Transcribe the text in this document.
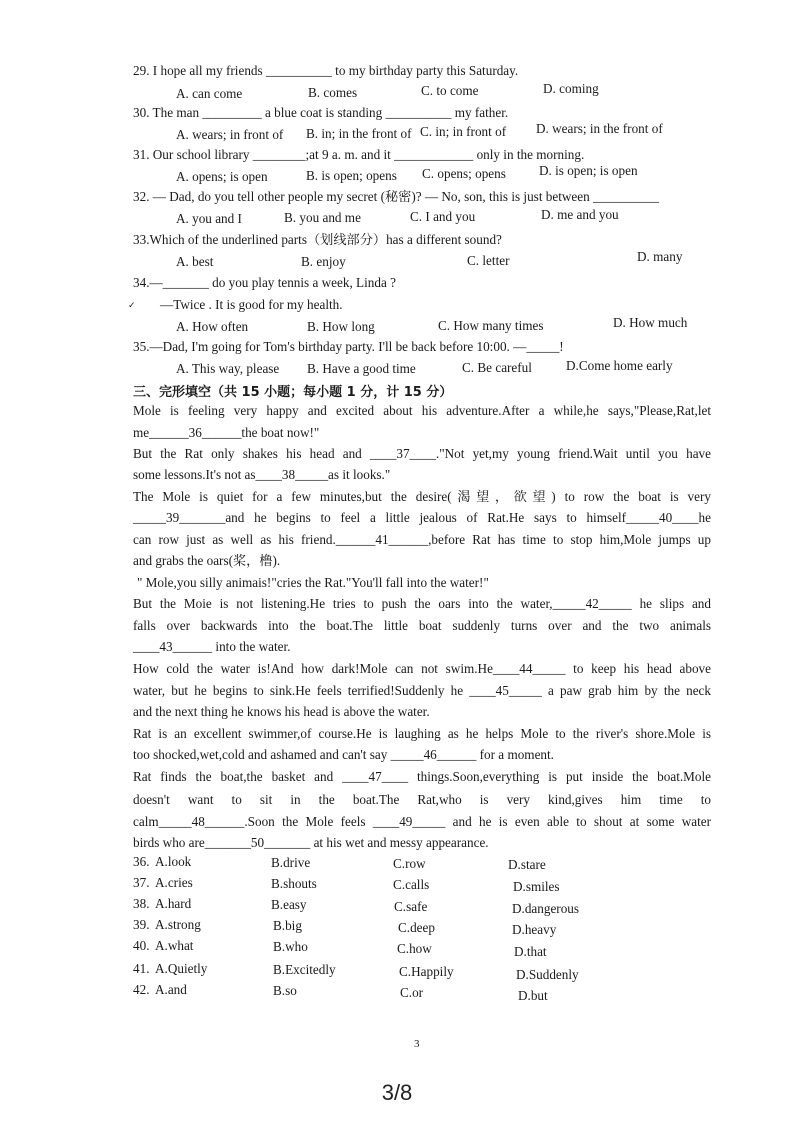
29. I hope all my friends __________ to my birthday party this Saturday.
A. can come	B. comes	C. to come	D. coming
30. The man _________ a blue coat is standing __________ my father.
A. wears; in front of B. in; in the front of C. in; in front of D. wears; in the front of
31. Our school library ________;at 9 a. m. and it ____________ only in the morning.
A. opens; is open	B. is open; opens C. opens; opens	D. is open; is open
32. — Dad, do you tell other people my secret (秘密)? — No, son, this is just between __________
A. you and I	B. you and me	C. I and you	D. me and you
33.Which of the underlined parts（划线部分）has a different sound?
A. best	B. enjoy	C. letter	D. many
34.—_______ do you play tennis a week, Linda ?
✓ —Twice . It is good for my health.
A. How often	B. How long	C. How many times	D. How much
35.—Dad, I'm going for Tom's birthday party. I'll be back before 10:00. —_____!
A. This way, please B. Have a good time	C. Be careful	D.Come home early
三、完形填空（共 15 小题；每小题 1 分，计 15 分）
Mole is feeling very happy and excited about his adventure.After a while,he says,"Please,Rat,let
me______36______the boat now!"
But the Rat only shakes his head and ____37____."Not yet,my young friend.Wait until you have
some lessons.It's not as____38_____as it looks."
The Mole is quiet for a few minutes,but the desire(渴望，欲望) to row the boat is very
_____39_______and he begins to feel a little jealous of Rat.He says to himself_____40____he
can row just as well as his friend.______41______,before Rat has time to stop him,Mole jumps up
and grabs the oars(桨，橹).
" Mole,you silly animais!"cries the Rat."You'll fall into the water!"
But the Moie is not listening.He tries to push the oars into the water,_____42_____ he slips and
falls over backwards into the boat.The little boat suddenly turns over and the two animals
____43______ into the water.
How cold the water is!And how dark!Mole can not swim.He____44_____ to keep his head above
water, but he begins to sink.He feels terrified!Suddenly he ____45_____ a paw grab him by the neck
and the next thing he knows his head is above the water.
Rat is an excellent swimmer,of course.He is laughing as he helps Mole to the river's shore.Mole is
too shocked,wet,cold and ashamed and can't say _____46______ for a moment.
Rat finds the boat,the basket and ____47____ things.Soon,everything is put inside the boat.Mole
doesn't want to sit in the boat.The Rat,who is very kind,gives him time to
calm_____48______.Soon the Mole feels ____49_____ and he is even able to shout at some water
birds who are_______50_______ at his wet and messy appearance.
36. A.look	B.drive	C.row	D.stare
37. A.cries	B.shouts	C.calls	D.smiles
38. A.hard	B.easy	C.safe	D.dangerous
39. A.strong	B.big	C.deep	D.heavy
40. A.what	B.who	C.how	D.that
41. A.Quietly	B.Excitedly	C.Happily	D.Suddenly
42. A.and	B.so	C.or	D.but
3
3/8
